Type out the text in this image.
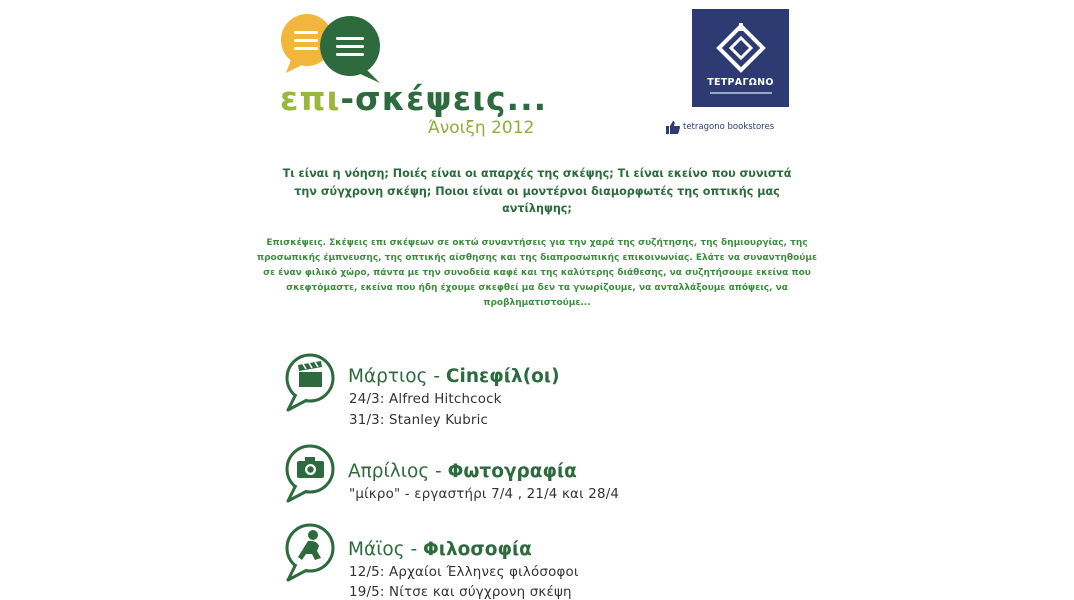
επι-σκέψεις...
Άνοιξη 2012
ΤΕΤΡΑΓΩΝΟ
tetragono bookstores
Τι είναι η νόηση; Ποιές είναι οι απαρχές της σκέψης; Τι είναι εκείνο που συνιστά την σύγχρονη σκέψη; Ποιοι είναι οι μοντέρνοι διαμορφωτές της οπτικής μας αντίληψης;
Επισκέψεις. Σκέψεις επι σκέψεων σε οκτώ συναντήσεις για την χαρά της συζήτησης, της δημιουργίας, της προσωπικής έμπνευσης, της οπτικής αίσθησης και της διαπροσωπικής επικοινωνίας. Ελάτε να συναντηθούμε σε έναν φιλικό χώρο, πάντα με την συνοδεία καφέ και της καλύτερης διάθεσης, να συζητήσουμε εκείνα που σκεφτόμαστε, εκείνα που ήδη έχουμε σκεφθεί μα δεν τα γνωρίζουμε, να ανταλλάξουμε απόψεις, να προβληματιστούμε...
Μάρτιος - Cinεφίλ(οι)
24/3: Alfred Hitchcock
31/3: Stanley Kubric
Απρίλιος - Φωτογραφία
"μίκρο" - εργαστήρι 7/4 , 21/4 και 28/4
Μάϊος - Φιλοσοφία
12/5: Αρχαίοι Έλληνες φιλόσοφοι
19/5: Νίτσε και σύγχρονη σκέψη
